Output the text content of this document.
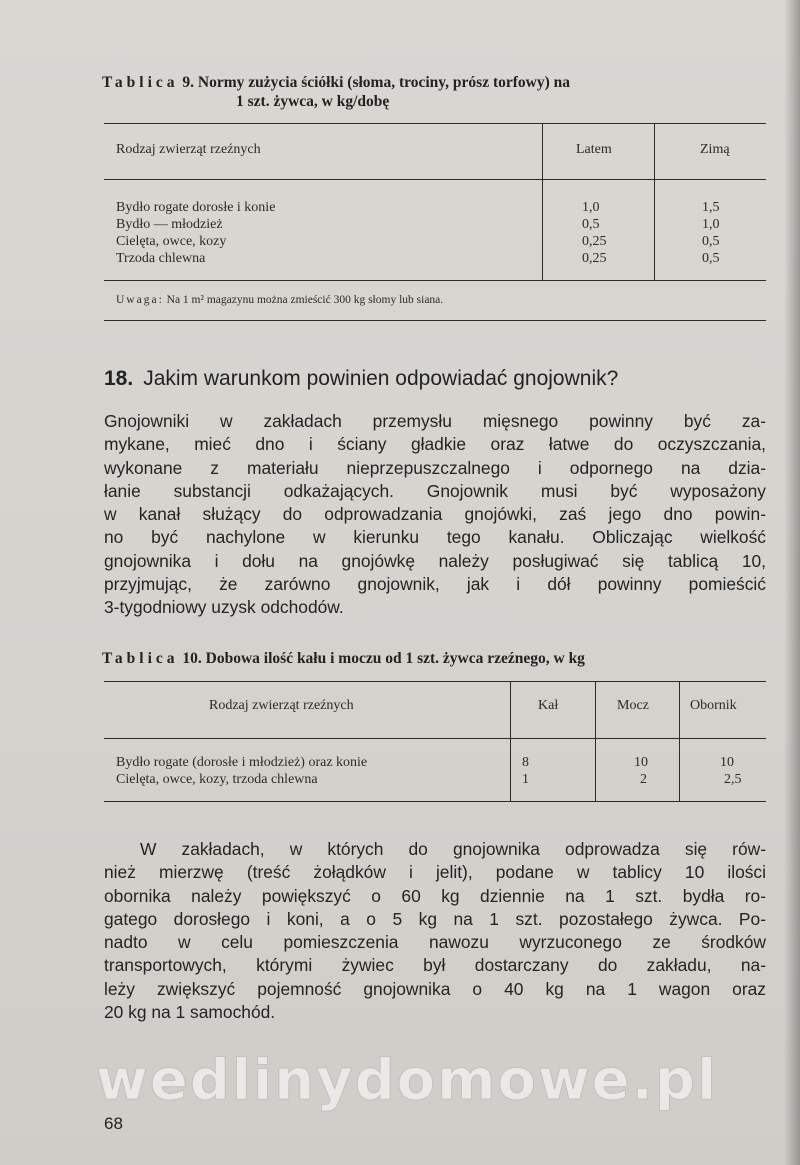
Tablica 9. Normy zużycia ściółki (słoma, trociny, prósz torfowy) na
1 szt. żywca, w kg/dobę
Rodzaj zwierząt rzeźnych	Latem	Zimą
Bydło rogate dorosłe i konie	1,0	1,5
Bydło — młodzież	0,5	1,0
Cielęta, owce, kozy	0,25	0,5
Trzoda chlewna	0,25	0,5
Uwaga: Na 1 m² magazynu można zmieścić 300 kg słomy lub siana.
18. Jakim warunkom powinien odpowiadać gnojownik?
Gnojowniki w zakładach przemysłu mięsnego powinny być za-
mykane, mieć dno i ściany gładkie oraz łatwe do oczyszczania,
wykonane z materiału nieprzepuszczalnego i odpornego na dzia-
łanie substancji odkażających. Gnojownik musi być wyposażony
w kanał służący do odprowadzania gnojówki, zaś jego dno powin-
no być nachylone w kierunku tego kanału. Obliczając wielkość
gnojownika i dołu na gnojówkę należy posługiwać się tablicą 10,
przyjmując, że zarówno gnojownik, jak i dół powinny pomieścić
3-tygodniowy uzysk odchodów.
Tablica 10. Dobowa ilość kału i moczu od 1 szt. żywca rzeźnego, w kg
Rodzaj zwierząt rzeźnych	Kał	Mocz	Obornik
Bydło rogate (dorosłe i młodzież) oraz konie	8	10	10
Cielęta, owce, kozy, trzoda chlewna	1	2	2,5
W zakładach, w których do gnojownika odprowadza się rów-
nież mierzwę (treść żołądków i jelit), podane w tablicy 10 ilości
obornika należy powiększyć o 60 kg dziennie na 1 szt. bydła ro-
gatego dorosłego i koni, a o 5 kg na 1 szt. pozostałego żywca. Po-
nadto w celu pomieszczenia nawozu wyrzuconego ze środków
transportowych, którymi żywiec był dostarczany do zakładu, na-
leży zwiększyć pojemność gnojownika o 40 kg na 1 wagon oraz
20 kg na 1 samochód.
wedlinydomowe.pl
68
